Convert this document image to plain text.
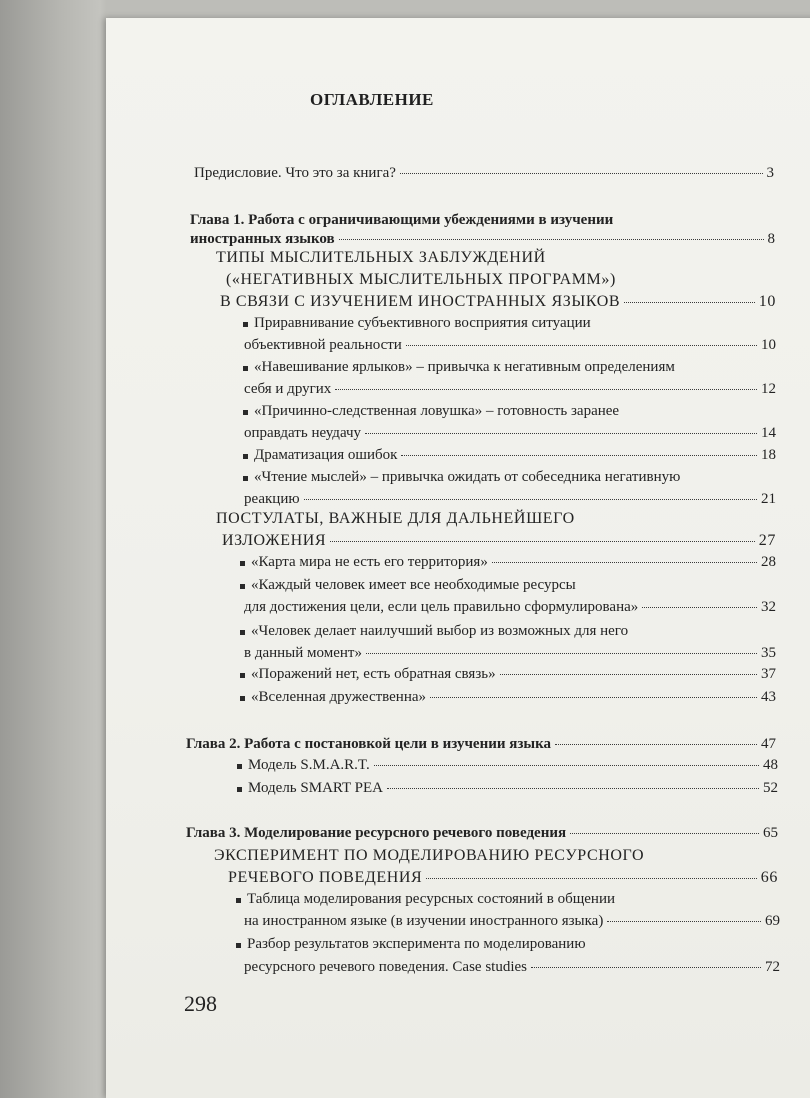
ОГЛАВЛЕНИЕ
Предисловие. Что это за книга?	3
Глава 1. Работа с ограничивающими убеждениями в изучении
иностранных языков	8
ТИПЫ МЫСЛИТЕЛЬНЫХ ЗАБЛУЖДЕНИЙ
(«НЕГАТИВНЫХ МЫСЛИТЕЛЬНЫХ ПРОГРАММ»)
В СВЯЗИ С ИЗУЧЕНИЕМ ИНОСТРАННЫХ ЯЗЫКОВ	10
Приравнивание субъективного восприятия ситуации
объективной реальности	10
«Навешивание ярлыков» – привычка к негативным определениям
себя и других	12
«Причинно-следственная ловушка» – готовность заранее
оправдать неудачу	14
Драматизация ошибок	18
«Чтение мыслей» – привычка ожидать от собеседника негативную
реакцию	21
ПОСТУЛАТЫ, ВАЖНЫЕ ДЛЯ ДАЛЬНЕЙШЕГО
ИЗЛОЖЕНИЯ	27
«Карта мира не есть его территория»	28
«Каждый человек имеет все необходимые ресурсы
для достижения цели, если цель правильно сформулирована»	32
«Человек делает наилучший выбор из возможных для него
в данный момент»	35
«Поражений нет, есть обратная связь»	37
«Вселенная дружественна»	43
Глава 2. Работа с постановкой цели в изучении языка	47
Модель S.M.A.R.T.	48
Модель SMART PEA	52
Глава 3. Моделирование ресурсного речевого поведения	65
ЭКСПЕРИМЕНТ ПО МОДЕЛИРОВАНИЮ РЕСУРСНОГО
РЕЧЕВОГО ПОВЕДЕНИЯ	66
Таблица моделирования ресурсных состояний в общении
на иностранном языке (в изучении иностранного языка)	69
Разбор результатов эксперимента по моделированию
ресурсного речевого поведения. Case studies	72
298
